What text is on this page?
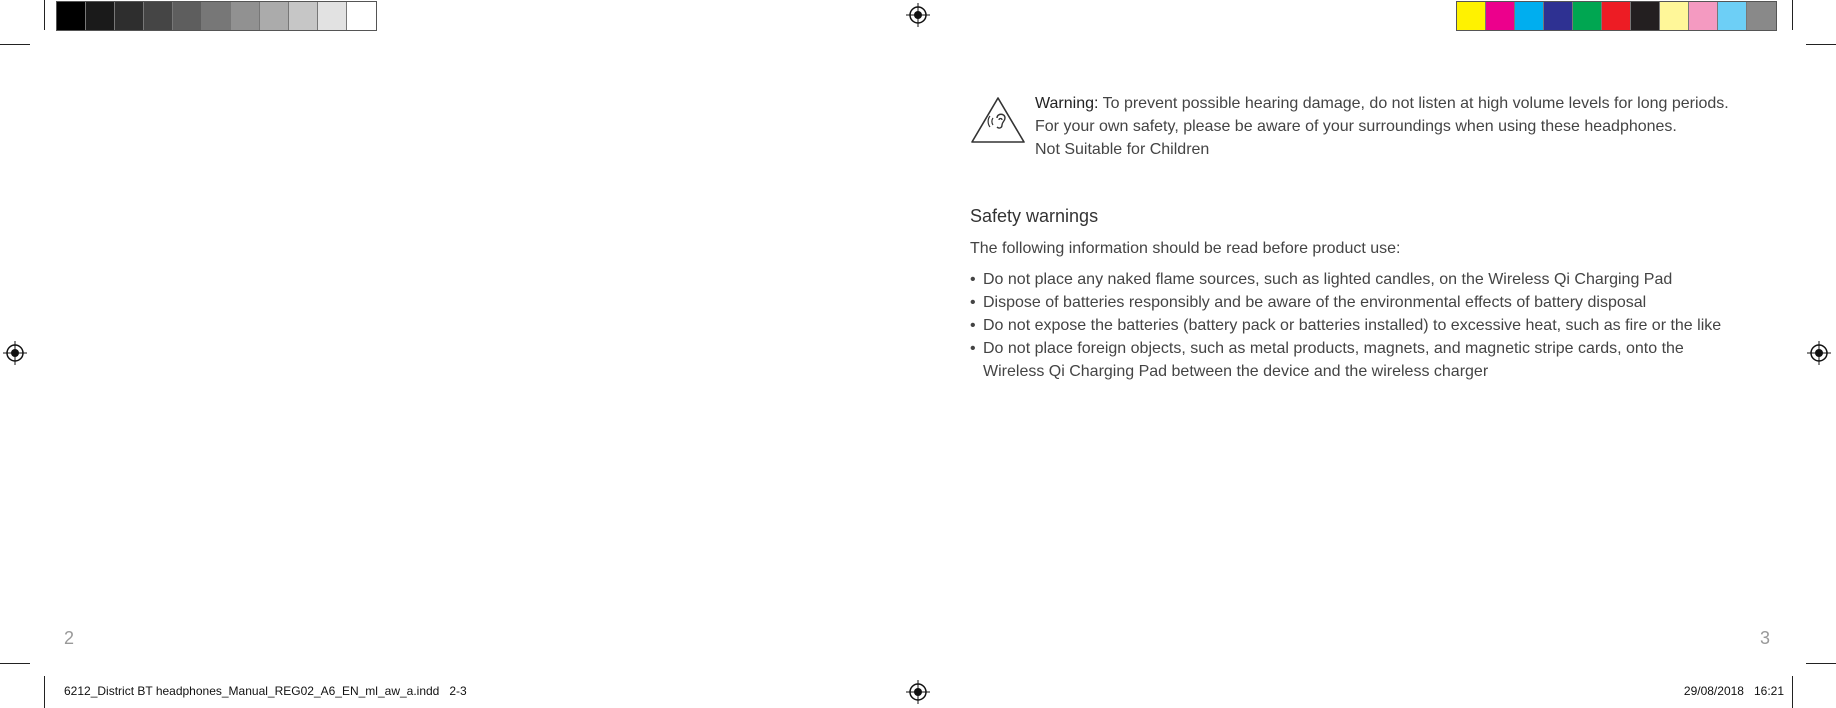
Warning: To prevent possible hearing damage, do not listen at high volume levels for long periods.
For your own safety, please be aware of your surroundings when using these headphones.
Not Suitable for Children
Safety warnings
The following information should be read before product use:
• Do not place any naked flame sources, such as lighted candles, on the Wireless Qi Charging Pad
• Dispose of batteries responsibly and be aware of the environmental effects of battery disposal
• Do not expose the batteries (battery pack or batteries installed) to excessive heat, such as fire or the like
• Do not place foreign objects, such as metal products, magnets, and magnetic stripe cards, onto the Wireless Qi Charging Pad between the device and the wireless charger
2	3
6212_District BT headphones_Manual_REG02_A6_EN_ml_aw_a.indd   2-3	29/08/2018   16:21
